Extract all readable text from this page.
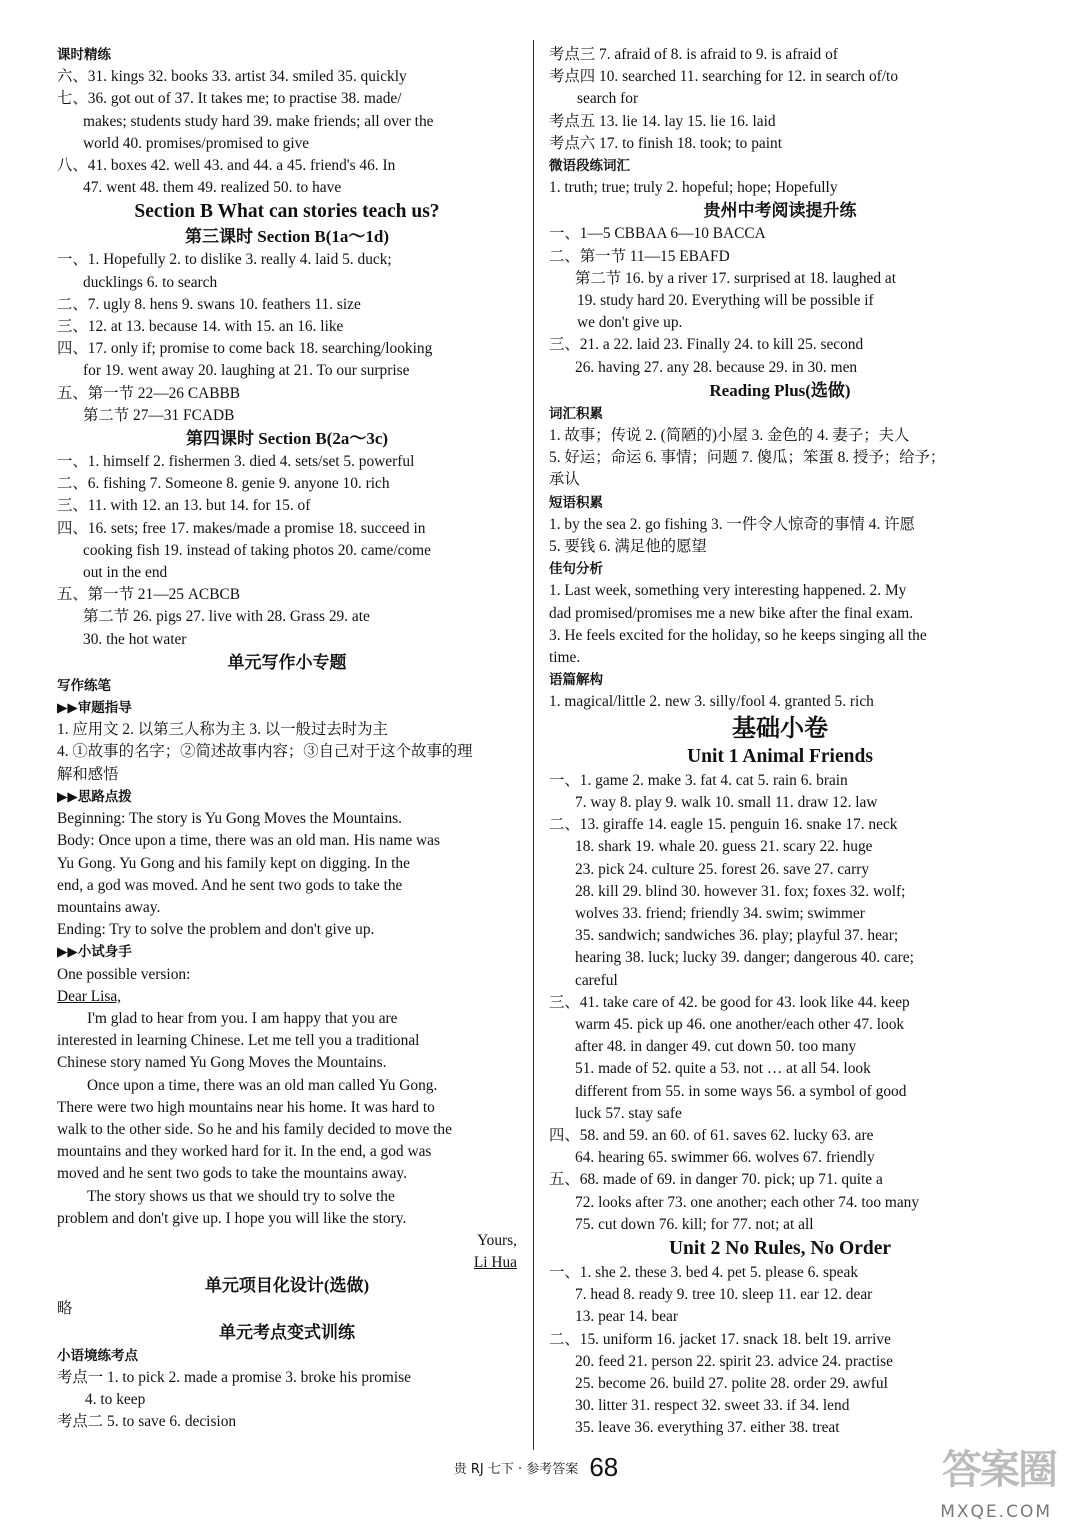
课时精练
六、31. kings 32. books 33. artist 34. smiled 35. quickly
七、36. got out of 37. It takes me; to practise 38. made/
makes; students study hard 39. make friends; all over the
world 40. promises/promised to give
八、41. boxes 42. well 43. and 44. a 45. friend's 46. In
47. went 48. them 49. realized 50. to have
Section B What can stories teach us?
第三课时 Section B(1a～1d)
一、1. Hopefully 2. to dislike 3. really 4. laid 5. duck;
ducklings 6. to search
二、7. ugly 8. hens 9. swans 10. feathers 11. size
三、12. at 13. because 14. with 15. an 16. like
四、17. only if; promise to come back 18. searching/looking
for 19. went away 20. laughing at 21. To our surprise
五、第一节 22—26 CABBB
第二节 27—31 FCADB
第四课时 Section B(2a～3c)
一、1. himself 2. fishermen 3. died 4. sets/set 5. powerful
二、6. fishing 7. Someone 8. genie 9. anyone 10. rich
三、11. with 12. an 13. but 14. for 15. of
四、16. sets; free 17. makes/made a promise 18. succeed in
cooking fish 19. instead of taking photos 20. came/come
out in the end
五、第一节 21—25 ACBCB
第二节 26. pigs 27. live with 28. Grass 29. ate
30. the hot water
单元写作小专题
写作练笔
▶▶审题指导
1. 应用文 2. 以第三人称为主 3. 以一般过去时为主
4. ①故事的名字；②简述故事内容；③自己对于这个故事的理
解和感悟
▶▶思路点拨
Beginning: The story is Yu Gong Moves the Mountains.
Body: Once upon a time, there was an old man. His name was
Yu Gong. Yu Gong and his family kept on digging. In the
end, a god was moved. And he sent two gods to take the
mountains away.
Ending: Try to solve the problem and don't give up.
▶▶小试身手
One possible version:
Dear Lisa,
I'm glad to hear from you. I am happy that you are
interested in learning Chinese. Let me tell you a traditional
Chinese story named Yu Gong Moves the Mountains.
Once upon a time, there was an old man called Yu Gong.
There were two high mountains near his home. It was hard to
walk to the other side. So he and his family decided to move the
mountains and they worked hard for it. In the end, a god was
moved and he sent two gods to take the mountains away.
The story shows us that we should try to solve the
problem and don't give up. I hope you will like the story.
Yours,
Li Hua
单元项目化设计(选做)
略
单元考点变式训练
小语境练考点
考点一 1. to pick 2. made a promise 3. broke his promise
4. to keep
考点二 5. to save 6. decision
考点三 7. afraid of 8. is afraid to 9. is afraid of
考点四 10. searched 11. searching for 12. in search of/to
search for
考点五 13. lie 14. lay 15. lie 16. laid
考点六 17. to finish 18. took; to paint
微语段练词汇
1. truth; true; truly 2. hopeful; hope; Hopefully
贵州中考阅读提升练
一、1—5 CBBAA 6—10 BACCA
二、第一节 11—15 EBAFD
第二节 16. by a river 17. surprised at 18. laughed at
19. study hard 20. Everything will be possible if
we don't give up.
三、21. a 22. laid 23. Finally 24. to kill 25. second
26. having 27. any 28. because 29. in 30. men
Reading Plus(选做)
词汇积累
1. 故事；传说 2. (简陋的)小屋 3. 金色的 4. 妻子；夫人
5. 好运；命运 6. 事情；问题 7. 傻瓜；笨蛋 8. 授予；给予；
承认
短语积累
1. by the sea 2. go fishing 3. 一件令人惊奇的事情 4. 许愿
5. 要钱 6. 满足他的愿望
佳句分析
1. Last week, something very interesting happened. 2. My
dad promised/promises me a new bike after the final exam.
3. He feels excited for the holiday, so he keeps singing all the
time.
语篇解构
1. magical/little 2. new 3. silly/fool 4. granted 5. rich
基础小卷
Unit 1 Animal Friends
一、1. game 2. make 3. fat 4. cat 5. rain 6. brain
7. way 8. play 9. walk 10. small 11. draw 12. law
二、13. giraffe 14. eagle 15. penguin 16. snake 17. neck
18. shark 19. whale 20. guess 21. scary 22. huge
23. pick 24. culture 25. forest 26. save 27. carry
28. kill 29. blind 30. however 31. fox; foxes 32. wolf;
wolves 33. friend; friendly 34. swim; swimmer
35. sandwich; sandwiches 36. play; playful 37. hear;
hearing 38. luck; lucky 39. danger; dangerous 40. care;
careful
三、41. take care of 42. be good for 43. look like 44. keep
warm 45. pick up 46. one another/each other 47. look
after 48. in danger 49. cut down 50. too many
51. made of 52. quite a 53. not … at all 54. look
different from 55. in some ways 56. a symbol of good
luck 57. stay safe
四、58. and 59. an 60. of 61. saves 62. lucky 63. are
64. hearing 65. swimmer 66. wolves 67. friendly
五、68. made of 69. in danger 70. pick; up 71. quite a
72. looks after 73. one another; each other 74. too many
75. cut down 76. kill; for 77. not; at all
Unit 2 No Rules, No Order
一、1. she 2. these 3. bed 4. pet 5. please 6. speak
7. head 8. ready 9. tree 10. sleep 11. ear 12. dear
13. pear 14. bear
二、15. uniform 16. jacket 17. snack 18. belt 19. arrive
20. feed 21. person 22. spirit 23. advice 24. practise
25. become 26. build 27. polite 28. order 29. awful
30. litter 31. respect 32. sweet 33. if 34. lend
35. leave 36. everything 37. either 38. treat
贵 RJ 七下 · 参考答案 68	答案圈
MXQE.COM
